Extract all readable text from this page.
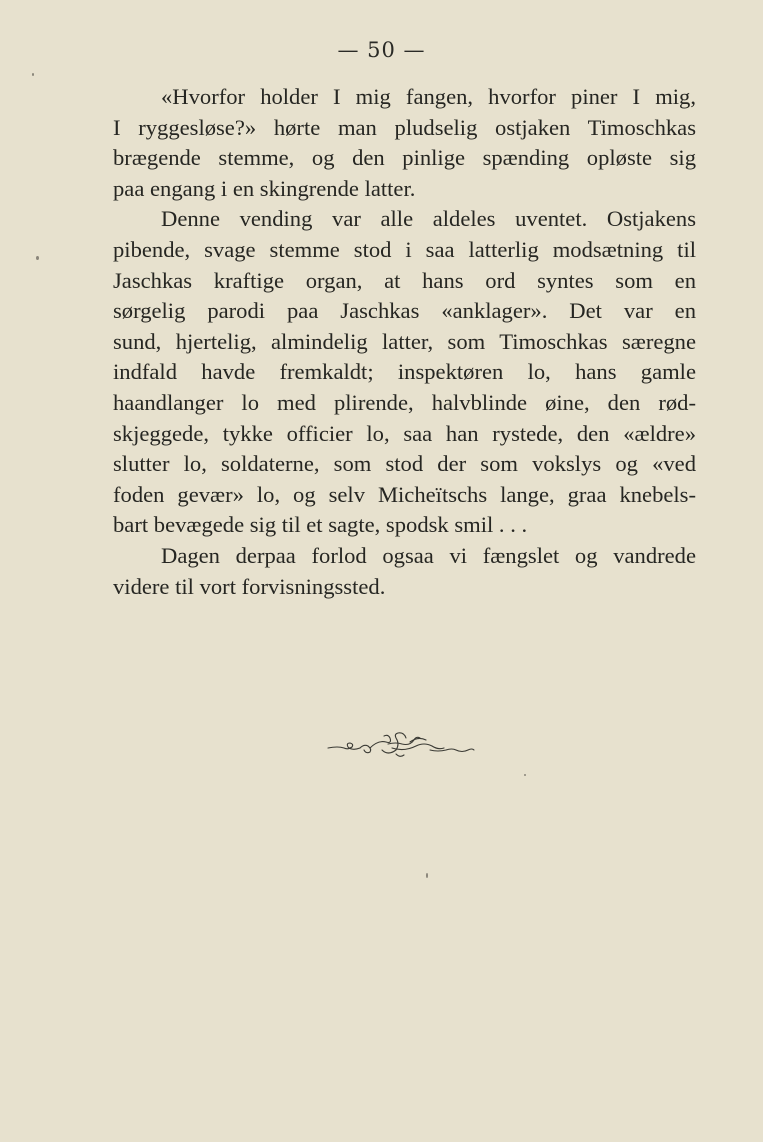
— 50 —
«Hvorfor holder I mig fangen, hvorfor piner I mig,
I ryggesløse?» hørte man pludselig ostjaken Timoschkas
brægende stemme, og den pinlige spænding opløste sig
paa engang i en skingrende latter.
Denne vending var alle aldeles uventet. Ostjakens
pibende, svage stemme stod i saa latterlig modsætning til
Jaschkas kraftige organ, at hans ord syntes som en
sørgelig parodi paa Jaschkas «anklager». Det var en
sund, hjertelig, almindelig latter, som Timoschkas særegne
indfald havde fremkaldt; inspektøren lo, hans gamle
haandlanger lo med plirende, halvblinde øine, den rød-
skjeggede, tykke officier lo, saa han rystede, den «ældre»
slutter lo, soldaterne, som stod der som vokslys og «ved
foden gevær» lo, og selv Micheïtschs lange, graa knebels-
bart bevægede sig til et sagte, spodsk smil . . .
Dagen derpaa forlod ogsaa vi fængslet og vandrede
videre til vort forvisningssted.
